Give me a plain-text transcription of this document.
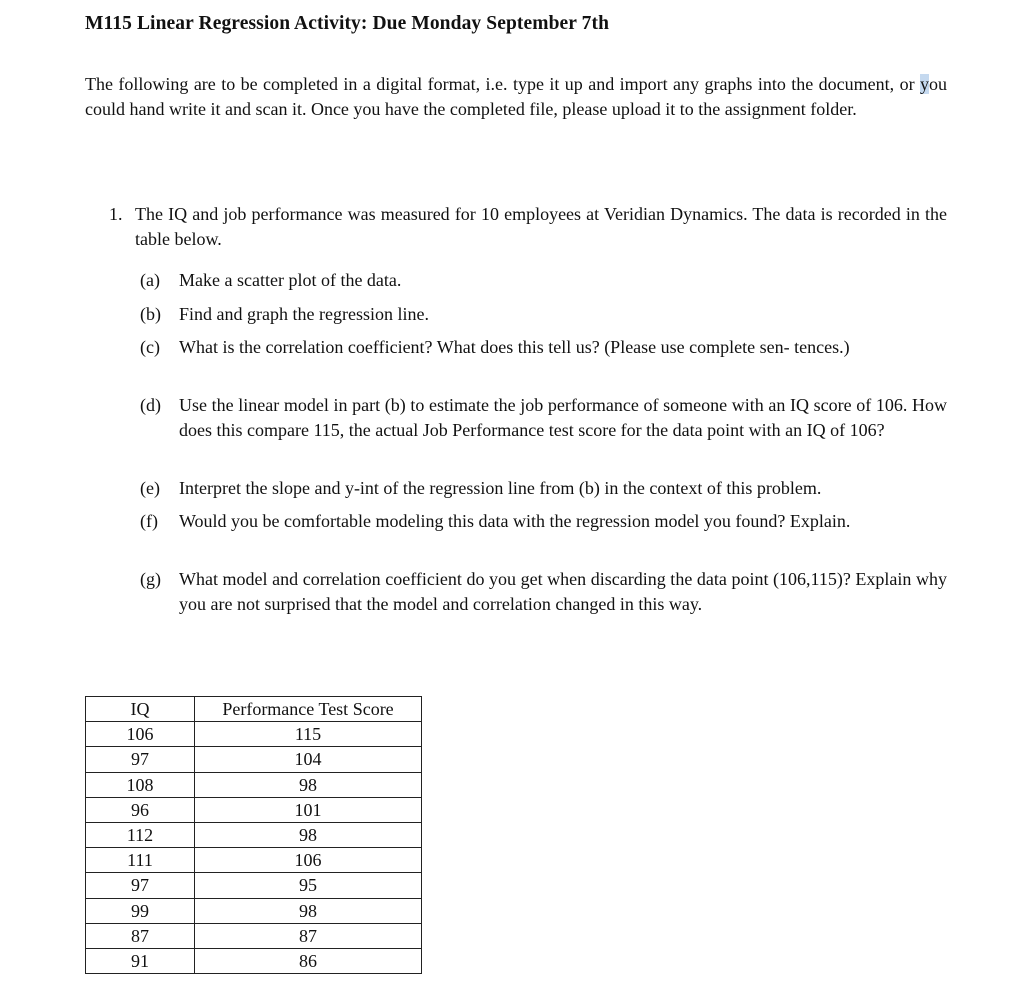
M115 Linear Regression Activity: Due Monday September 7th
The following are to be completed in a digital format, i.e. type it up and import any graphs into the document, or you could hand write it and scan it. Once you have the completed file, please upload it to the assignment folder.
1. The IQ and job performance was measured for 10 employees at Veridian Dynamics. The data is recorded in the table below.
(a)	Make a scatter plot of the data.
(b)	Find and graph the regression line.
(c)	What is the correlation coefficient? What does this tell us? (Please use complete sen- tences.)
(d)	Use the linear model in part (b) to estimate the job performance of someone with an IQ score of 106. How does this compare 115, the actual Job Performance test score for the data point with an IQ of 106?
(e)	Interpret the slope and y-int of the regression line from (b) in the context of this problem.
(f)	Would you be comfortable modeling this data with the regression model you found? Explain.
(g)	What model and correlation coefficient do you get when discarding the data point (106,115)? Explain why you are not surprised that the model and correlation changed in this way.
IQ	Performance Test Score
106	115
97	104
108	98
96	101
112	98
111	106
97	95
99	98
87	87
91	86
